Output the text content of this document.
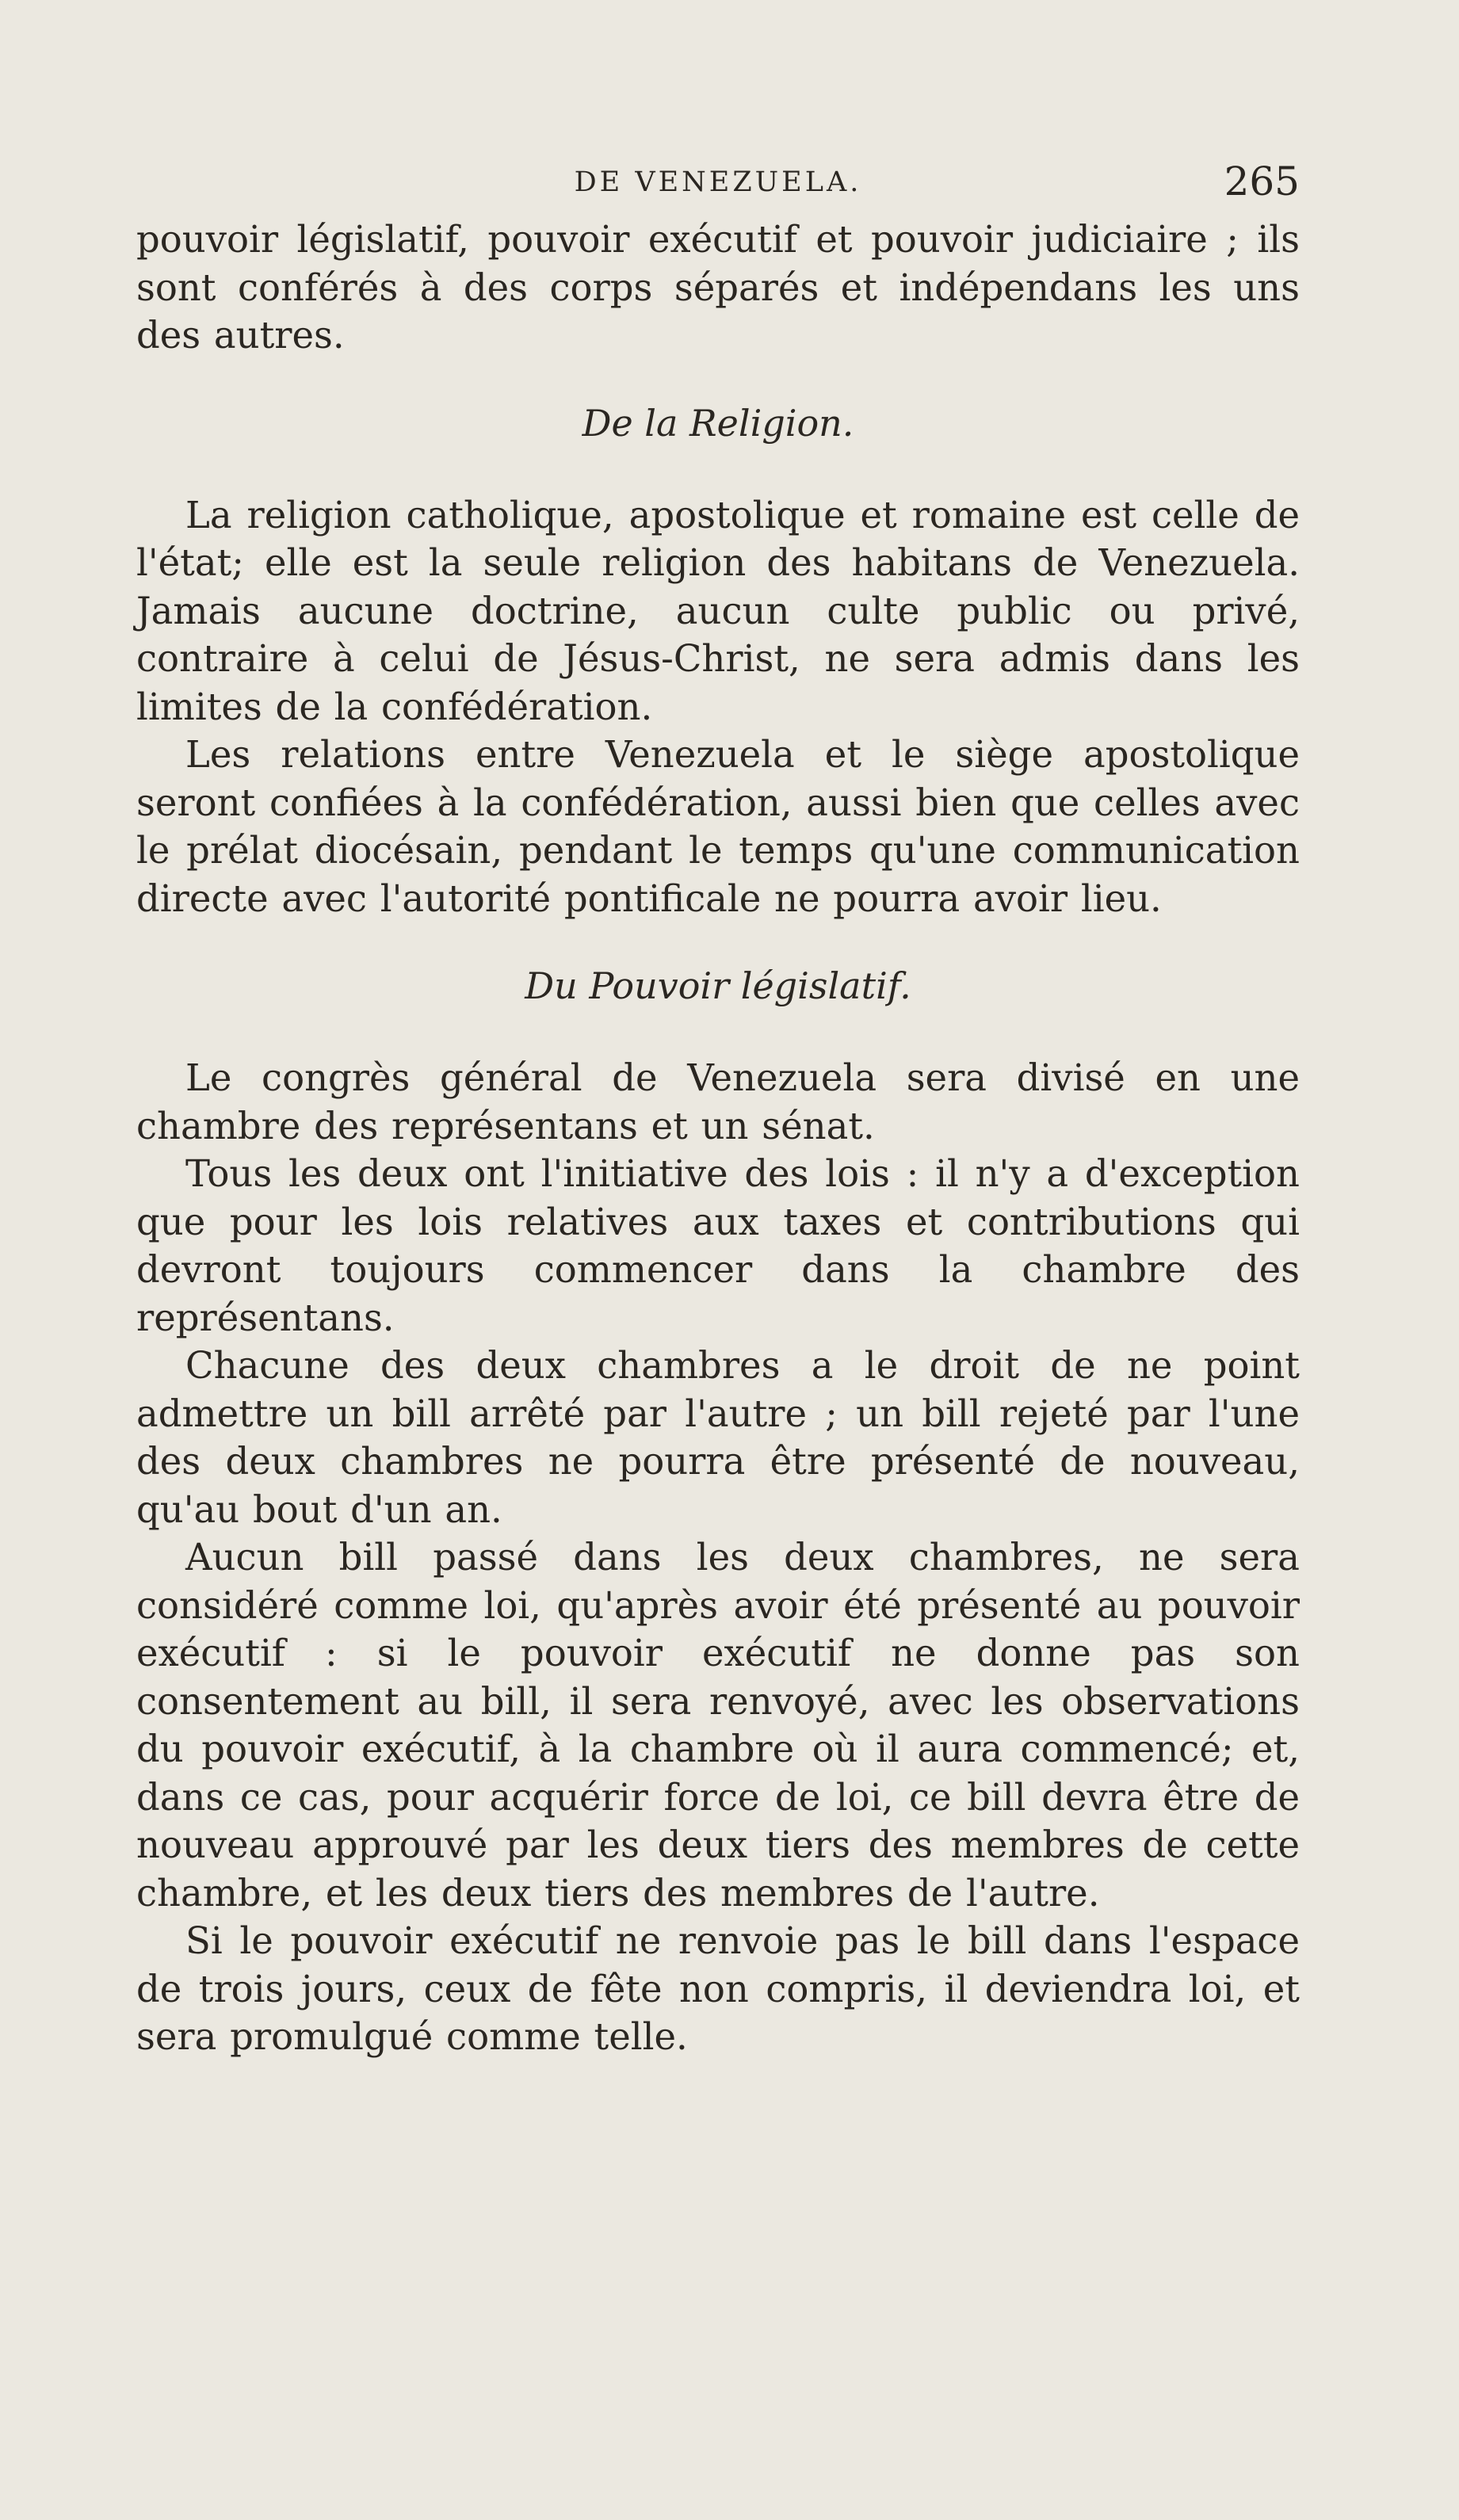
DE VENEZUELA.	265

pouvoir législatif, pouvoir exécutif et pouvoir judiciaire ; ils sont conférés à des corps séparés et indépendans les uns des autres.

De la Religion.

La religion catholique, apostolique et romaine est celle de l'état; elle est la seule religion des habitans de Venezuela. Jamais aucune doctrine, aucun culte public ou privé, contraire à celui de Jésus-Christ, ne sera admis dans les limites de la confédération.

Les relations entre Venezuela et le siège apostolique seront confiées à la confédération, aussi bien que celles avec le prélat diocésain, pendant le temps qu'une communication directe avec l'autorité pontificale ne pourra avoir lieu.

Du Pouvoir législatif.

Le congrès général de Venezuela sera divisé en une chambre des représentans et un sénat.

Tous les deux ont l'initiative des lois : il n'y a d'exception que pour les lois relatives aux taxes et contributions qui devront toujours commencer dans la chambre des représentans.

Chacune des deux chambres a le droit de ne point admettre un bill arrêté par l'autre ; un bill rejeté par l'une des deux chambres ne pourra être présenté de nouveau, qu'au bout d'un an.

Aucun bill passé dans les deux chambres, ne sera considéré comme loi, qu'après avoir été présenté au pouvoir exécutif : si le pouvoir exécutif ne donne pas son consentement au bill, il sera renvoyé, avec les observations du pouvoir exécutif, à la chambre où il aura commencé; et, dans ce cas, pour acquérir force de loi, ce bill devra être de nouveau approuvé par les deux tiers des membres de cette chambre, et les deux tiers des membres de l'autre.

Si le pouvoir exécutif ne renvoie pas le bill dans l'espace de trois jours, ceux de fête non compris, il deviendra loi, et sera promulgué comme telle.
